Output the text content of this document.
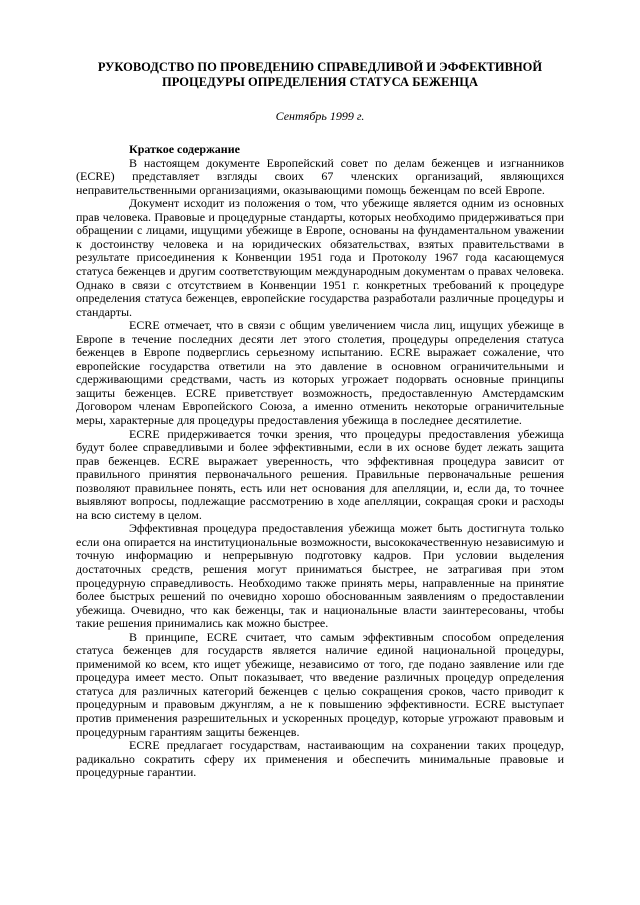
РУКОВОДСТВО ПО ПРОВЕДЕНИЮ СПРАВЕДЛИВОЙ И ЭФФЕКТИВНОЙ
ПРОЦЕДУРЫ ОПРЕДЕЛЕНИЯ СТАТУСА БЕЖЕНЦА

Сентябрь 1999 г.

Краткое содержание

В настоящем документе Европейский совет по делам беженцев и изгнанников (ECRE) представляет взгляды своих 67 членских организаций, являющихся неправительственными организациями, оказывающими помощь беженцам по всей Европе.

Документ исходит из положения о том, что убежище является одним из основных прав человека. Правовые и процедурные стандарты, которых необходимо придерживаться при обращении с лицами, ищущими убежище в Европе, основаны на фундаментальном уважении к достоинству человека и на юридических обязательствах, взятых правительствами в результате присоединения к Конвенции 1951 года и Протоколу 1967 года касающемуся статуса беженцев и другим соответствующим международным документам о правах человека. Однако в связи с отсутствием в Конвенции 1951 г. конкретных требований к процедуре определения статуса беженцев, европейские государства разработали различные процедуры и стандарты.

ECRE отмечает, что в связи с общим увеличением числа лиц, ищущих убежище в Европе в течение последних десяти лет этого столетия, процедуры определения статуса беженцев в Европе подверглись серьезному испытанию. ECRE выражает сожаление, что европейские государства ответили на это давление в основном ограничительными и сдерживающими средствами, часть из которых угрожает подорвать основные принципы защиты беженцев. ECRE приветствует возможность, предоставленную Амстердамским Договором членам Европейского Союза, а именно отменить некоторые ограничительные меры, характерные для процедуры предоставления убежища в последнее десятилетие.

ECRE придерживается точки зрения, что процедуры предоставления убежища будут более справедливыми и более эффективными, если в их основе будет лежать защита прав беженцев. ECRE выражает уверенность, что эффективная процедура зависит от правильного принятия первоначального решения. Правильные первоначальные решения позволяют правильнее понять, есть или нет основания для апелляции, и, если да, то точнее выявляют вопросы, подлежащие рассмотрению в ходе апелляции, сокращая сроки и расходы на всю систему в целом.

Эффективная процедура предоставления убежища может быть достигнута только если она опирается на институциональные возможности, высококачественную независимую и точную информацию и непрерывную подготовку кадров. При условии выделения достаточных средств, решения могут приниматься быстрее, не затрагивая при этом процедурную справедливость. Необходимо также принять меры, направленные на принятие более быстрых решений по очевидно хорошо обоснованным заявлениям о предоставлении убежища. Очевидно, что как беженцы, так и национальные власти заинтересованы, чтобы такие решения принимались как можно быстрее.

В принципе, ECRE считает, что самым эффективным способом определения статуса беженцев для государств является наличие единой национальной процедуры, применимой ко всем, кто ищет убежище, независимо от того, где подано заявление или где процедура имеет место. Опыт показывает, что введение различных процедур определения статуса для различных категорий беженцев с целью сокращения сроков, часто приводит к процедурным и правовым джунглям, а не к повышению эффективности. ECRE выступает против применения разрешительных и ускоренных процедур, которые угрожают правовым и процедурным гарантиям защиты беженцев.

ECRE предлагает государствам, настаивающим на сохранении таких процедур, радикально сократить сферу их применения и обеспечить минимальные правовые и процедурные гарантии.
